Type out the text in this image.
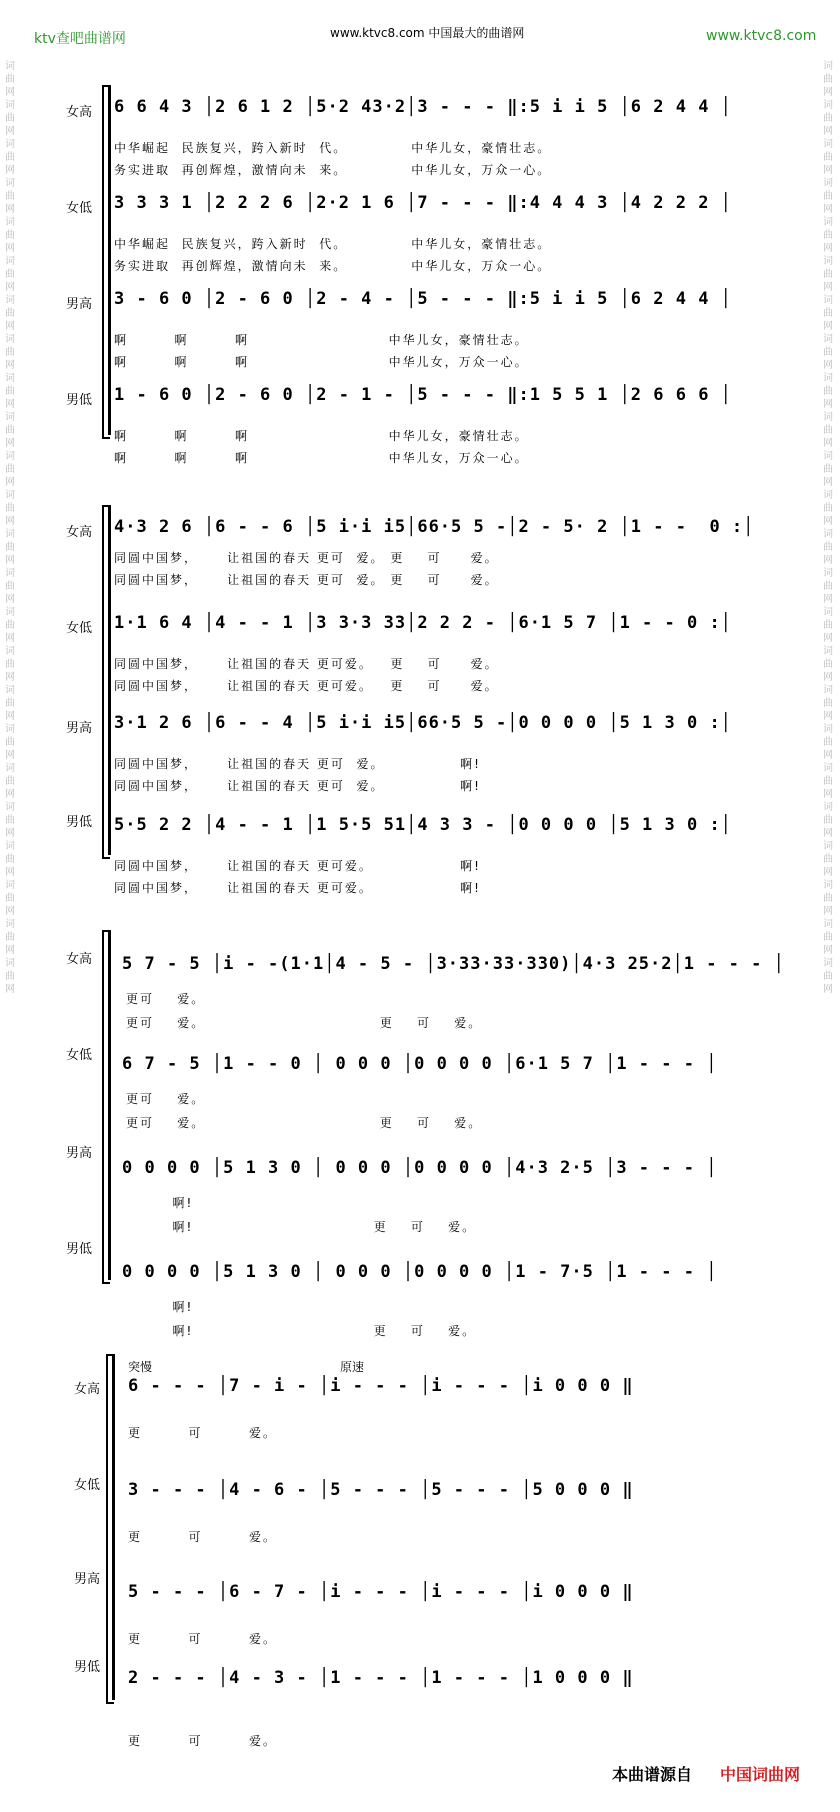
ktv查吧曲谱网	www.ktvc8.com 中国最大的曲谱网	www.ktvc8.com
词曲网词曲网词曲网词曲网词曲网词曲网词曲网词曲网词曲网词曲网词曲网词曲网词曲网词曲网词曲网词曲网词曲网词曲网词曲网词曲网词曲网词曲网词曲网词曲网
词曲网词曲网词曲网词曲网词曲网词曲网词曲网词曲网词曲网词曲网词曲网词曲网词曲网词曲网词曲网词曲网词曲网词曲网词曲网词曲网词曲网词曲网词曲网词曲网
女高 6 6 4 3 │2 6 1 2 │5·2 43·2│3 - - - ‖:5 i i 5 │6 2 4 4 │
中华崛起  民族复兴，跨入新时  代。           中华儿女，豪情壮志。
务实进取  再创辉煌，激情向未  来。           中华儿女，万众一心。
女低 3 3 3 1 │2 2 2 6 │2·2 1 6 │7 - - - ‖:4 4 4 3 │4 2 2 2 │
中华崛起  民族复兴，跨入新时  代。           中华儿女，豪情壮志。
务实进取  再创辉煌，激情向未  来。           中华儿女，万众一心。
男高 3 - 6 0 │2 - 6 0 │2 - 4 - │5 - - - ‖:5 i i 5 │6 2 4 4 │
啊        啊        啊                        中华儿女，豪情壮志。
啊        啊        啊                        中华儿女，万众一心。
男低 1 - 6 0 │2 - 6 0 │2 - 1 - │5 - - - ‖:1 5 5 1 │2 6 6 6 │
啊        啊        啊                        中华儿女，豪情壮志。
啊        啊        啊                        中华儿女，万众一心。
女高 4·3 2 6 │6 - - 6 │5 i·i i5│66·5 5 -│2 - 5· 2 │1 - -  0 :│
同圆中国梦，     让祖国的春天 更可  爱。 更    可     爱。
同圆中国梦，     让祖国的春天 更可  爱。 更    可     爱。
女低 1·1 6 4 │4 - - 1 │3 3·3 33│2 2 2 - │6·1 5 7 │1 - - 0 :│
同圆中国梦，     让祖国的春天 更可爱。   更    可     爱。
同圆中国梦，     让祖国的春天 更可爱。   更    可     爱。
男高 3·1 2 6 │6 - - 4 │5 i·i i5│66·5 5 -│0 0 0 0 │5 1 3 0 :│
同圆中国梦，     让祖国的春天 更可  爱。             啊!
同圆中国梦，     让祖国的春天 更可  爱。             啊!
男低 5·5 2 2 │4 - - 1 │1 5·5 51│4 3 3 - │0 0 0 0 │5 1 3 0 :│
同圆中国梦，     让祖国的春天 更可爱。               啊!
同圆中国梦，     让祖国的春天 更可爱。               啊!
女高 5 7 - 5 │i - -(1·1│4 - 5 - │3·33·33·330)│4·3 25·2│1 - - - │
更可    爱。
更可    爱。                              更    可    爱。
女低 6 7 - 5 │1 - - 0 │ 0 0 0 │0 0 0 0 │6·1 5 7 │1 - - - │
更可    爱。
更可    爱。                              更    可    爱。
男高
0 0 0 0 │5 1 3 0 │ 0 0 0 │0 0 0 0 │4·3 2·5 │3 - - - │
啊!
啊!                               更    可    爱。
男低
0 0 0 0 │5 1 3 0 │ 0 0 0 │0 0 0 0 │1 - 7·5 │1 - - - │
啊!
啊!                               更    可    爱。
突慢	原速
女高 6 - - - │7 - i - │i - - - │i - - - │i 0 0 0 ‖
更        可        爱。
女低 3 - - - │4 - 6 - │5 - - - │5 - - - │5 0 0 0 ‖
更        可        爱。
男高
5 - - - │6 - 7 - │i - - - │i - - - │i 0 0 0 ‖
更        可        爱。
男低
2 - - - │4 - 3 - │1 - - - │1 - - - │1 0 0 0 ‖
更        可        爱。
本曲谱源自 中国词曲网
